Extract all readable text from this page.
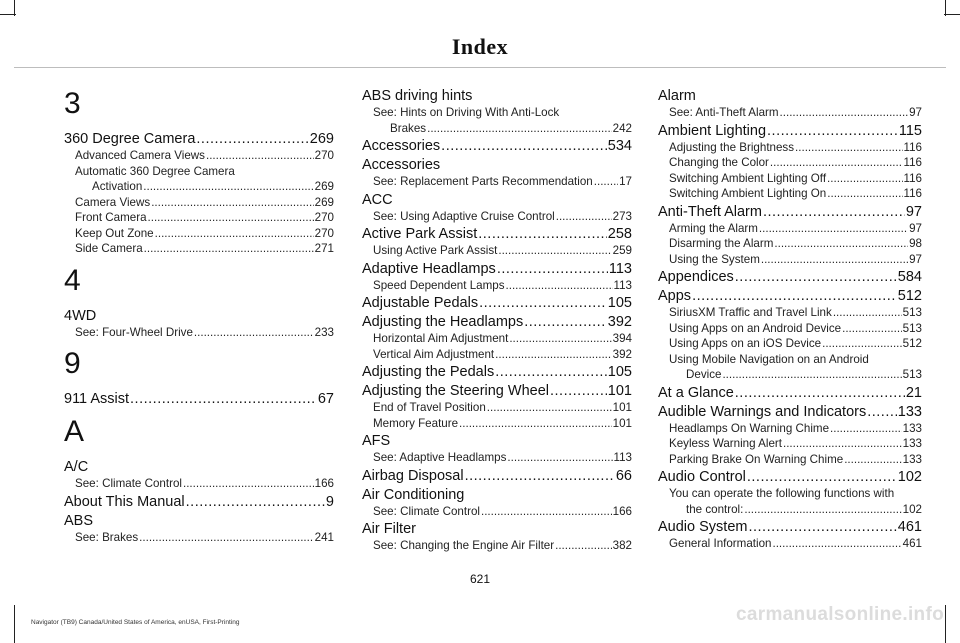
Index
3
360 Degree Camera .....	269
Advanced Camera Views .....	270
Automatic 360 Degree Camera
Activation .....	269
Camera Views .....	269
Front Camera .....	270
Keep Out Zone .....	270
Side Camera .....	271
4
4WD
See: Four-Wheel Drive .....	233
9
911 Assist .....	67
A
A/C
See: Climate Control .....	166
About This Manual .....	9
ABS
See: Brakes .....	241
ABS driving hints
See: Hints on Driving With Anti-Lock
Brakes .....	242
Accessories .....	534
Accessories
See: Replacement Parts Recommendation ..... 17
ACC
See: Using Adaptive Cruise Control .....	273
Active Park Assist .....	258
Using Active Park Assist .....	259
Adaptive Headlamps .....	113
Speed Dependent Lamps .....	113
Adjustable Pedals .....	105
Adjusting the Headlamps .....	392
Horizontal Aim Adjustment .....	394
Vertical Aim Adjustment .....	392
Adjusting the Pedals .....	105
Adjusting the Steering Wheel .....	101
End of Travel Position .....	101
Memory Feature .....	101
AFS
See: Adaptive Headlamps .....	113
Airbag Disposal .....	66
Air Conditioning
See: Climate Control .....	166
Air Filter
See: Changing the Engine Air Filter .....	382
Alarm
See: Anti-Theft Alarm .....	97
Ambient Lighting .....	115
Adjusting the Brightness .....	116
Changing the Color .....	116
Switching Ambient Lighting Off .....	116
Switching Ambient Lighting On .....	116
Anti-Theft Alarm .....	97
Arming the Alarm .....	97
Disarming the Alarm .....	98
Using the System .....	97
Appendices .....	584
Apps .....	512
SiriusXM Traffic and Travel Link .....	513
Using Apps on an Android Device .....	513
Using Apps on an iOS Device .....	512
Using Mobile Navigation on an Android
Device .....	513
At a Glance .....	21
Audible Warnings and Indicators ..... 133
Headlamps On Warning Chime .....	133
Keyless Warning Alert .....	133
Parking Brake On Warning Chime .....	133
Audio Control .....	102
You can operate the following functions with
the control: .....	102
Audio System .....	461
General Information .....	461
621
Navigator (TB9) Canada/United States of America, enUSA, First-Printing	carmanualsonline.info
